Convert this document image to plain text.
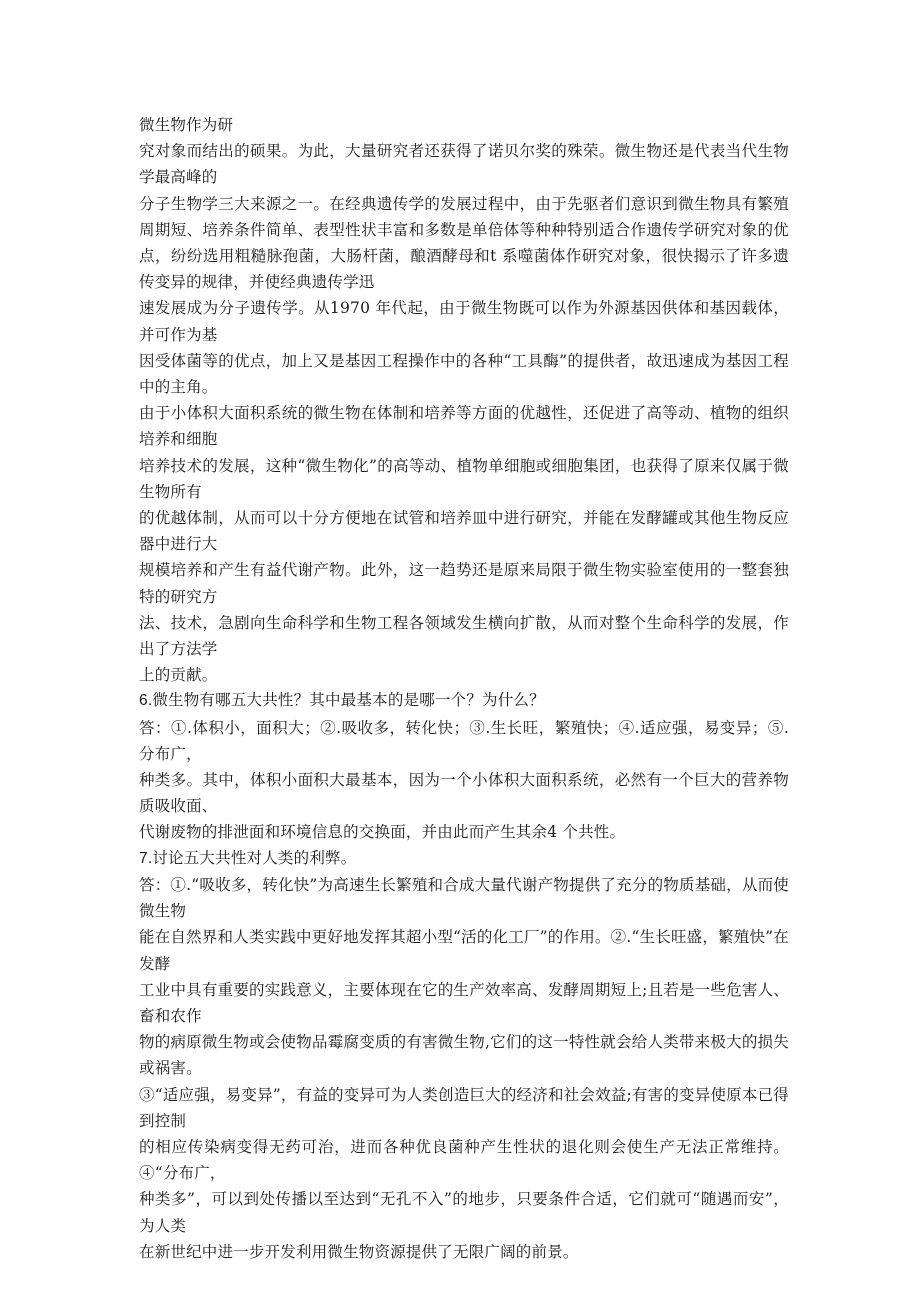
微生物作为研
究对象而结出的硕果。为此，大量研究者还获得了诺贝尔奖的殊荣。微生物还是代表当代生物学最高峰的
分子生物学三大来源之一。在经典遗传学的发展过程中，由于先驱者们意识到微生物具有繁殖周期短、培养条件简单、表型性状丰富和多数是单倍体等种种特别适合作遗传学研究对象的优点，纷纷选用粗糙脉孢菌，大肠杆菌，酿酒酵母和t 系噬菌体作研究对象，很快揭示了许多遗传变异的规律，并使经典遗传学迅
速发展成为分子遗传学。从1970 年代起，由于微生物既可以作为外源基因供体和基因载体，并可作为基
因受体菌等的优点，加上又是基因工程操作中的各种“工具酶”的提供者，故迅速成为基因工程中的主角。
由于小体积大面积系统的微生物在体制和培养等方面的优越性，还促进了高等动、植物的组织培养和细胞
培养技术的发展，这种“微生物化”的高等动、植物单细胞或细胞集团，也获得了原来仅属于微生物所有
的优越体制，从而可以十分方便地在试管和培养皿中进行研究，并能在发酵罐或其他生物反应器中进行大
规模培养和产生有益代谢产物。此外，这一趋势还是原来局限于微生物实验室使用的一整套独特的研究方
法、技术，急剧向生命科学和生物工程各领域发生横向扩散，从而对整个生命科学的发展，作出了方法学
上的贡献。
6.微生物有哪五大共性？其中最基本的是哪一个？为什么？
答：①.体积小，面积大；②.吸收多，转化快；③.生长旺，繁殖快；④.适应强，易变异；⑤.分布广，
种类多。其中，体积小面积大最基本，因为一个小体积大面积系统，必然有一个巨大的营养物质吸收面、
代谢废物的排泄面和环境信息的交换面，并由此而产生其余4 个共性。
7.讨论五大共性对人类的利弊。
答：①.“吸收多，转化快”为高速生长繁殖和合成大量代谢产物提供了充分的物质基础，从而使微生物
能在自然界和人类实践中更好地发挥其超小型“活的化工厂”的作用。②.“生长旺盛，繁殖快”在发酵
工业中具有重要的实践意义，主要体现在它的生产效率高、发酵周期短上;且若是一些危害人、畜和农作
物的病原微生物或会使物品霉腐变质的有害微生物,它们的这一特性就会给人类带来极大的损失或祸害。
③“适应强，易变异”，有益的变异可为人类创造巨大的经济和社会效益;有害的变异使原本已得到控制
的相应传染病变得无药可治，进而各种优良菌种产生性状的退化则会使生产无法正常维持。④“分布广，
种类多”，可以到处传播以至达到“无孔不入”的地步，只要条件合适，它们就可“随遇而安”，为人类
在新世纪中进一步开发利用微生物资源提供了无限广阔的前景。
